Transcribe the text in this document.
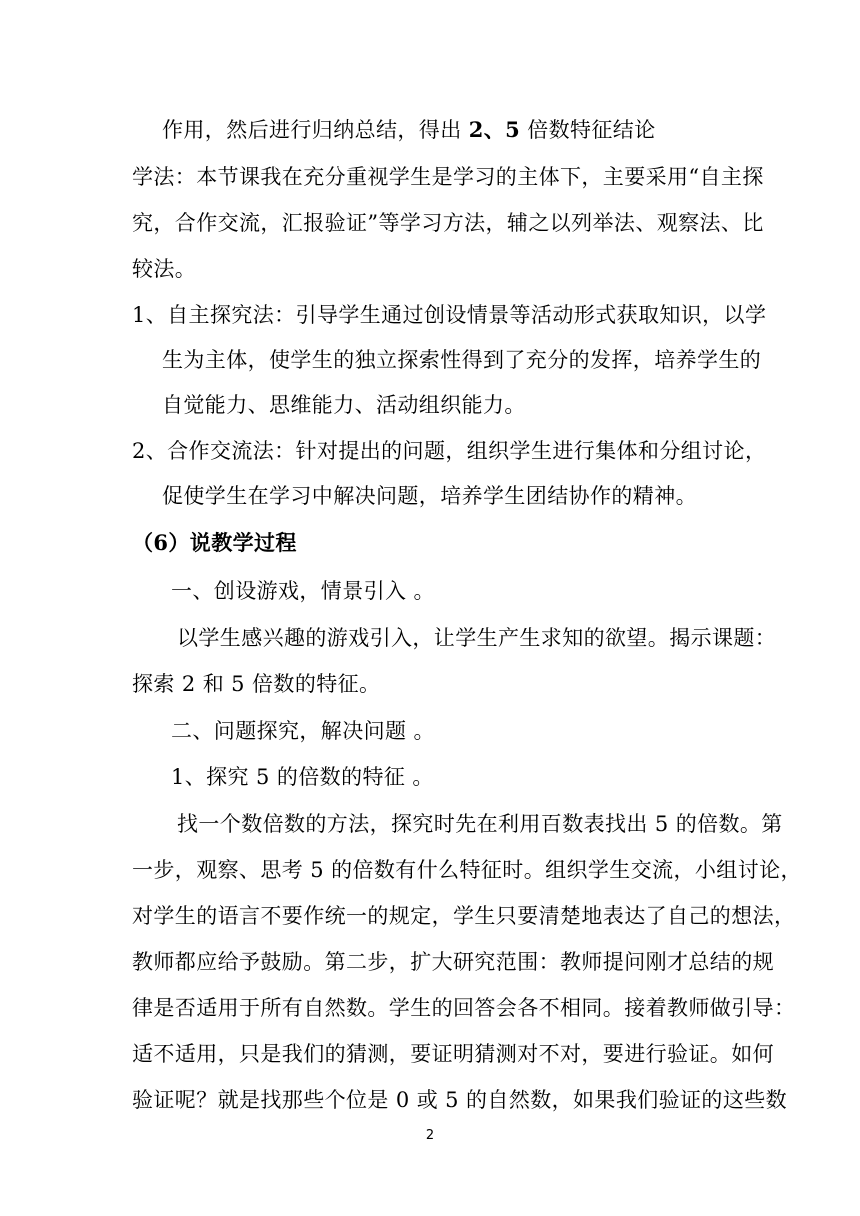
作用，然后进行归纳总结，得出 2、5 倍数特征结论
学法：本节课我在充分重视学生是学习的主体下，主要采用“自主探
究，合作交流，汇报验证”等学习方法，辅之以列举法、观察法、比
较法。
1、自主探究法：引导学生通过创设情景等活动形式获取知识，以学
生为主体，使学生的独立探索性得到了充分的发挥，培养学生的
自觉能力、思维能力、活动组织能力。
2、合作交流法：针对提出的问题，组织学生进行集体和分组讨论，
促使学生在学习中解决问题，培养学生团结协作的精神。
（6）说教学过程
一、创设游戏，情景引入 。
以学生感兴趣的游戏引入，让学生产生求知的欲望。揭示课题：
探索 2 和 5 倍数的特征。
二、问题探究，解决问题 。
1、探究 5 的倍数的特征 。
找一个数倍数的方法，探究时先在利用百数表找出 5 的倍数。第
一步，观察、思考 5 的倍数有什么特征时。组织学生交流，小组讨论，
对学生的语言不要作统一的规定，学生只要清楚地表达了自己的想法，
教师都应给予鼓励。第二步，扩大研究范围：教师提问刚才总结的规
律是否适用于所有自然数。学生的回答会各不相同。接着教师做引导：
适不适用，只是我们的猜测，要证明猜测对不对，要进行验证。如何
验证呢？就是找那些个位是 0 或 5 的自然数，如果我们验证的这些数
2
